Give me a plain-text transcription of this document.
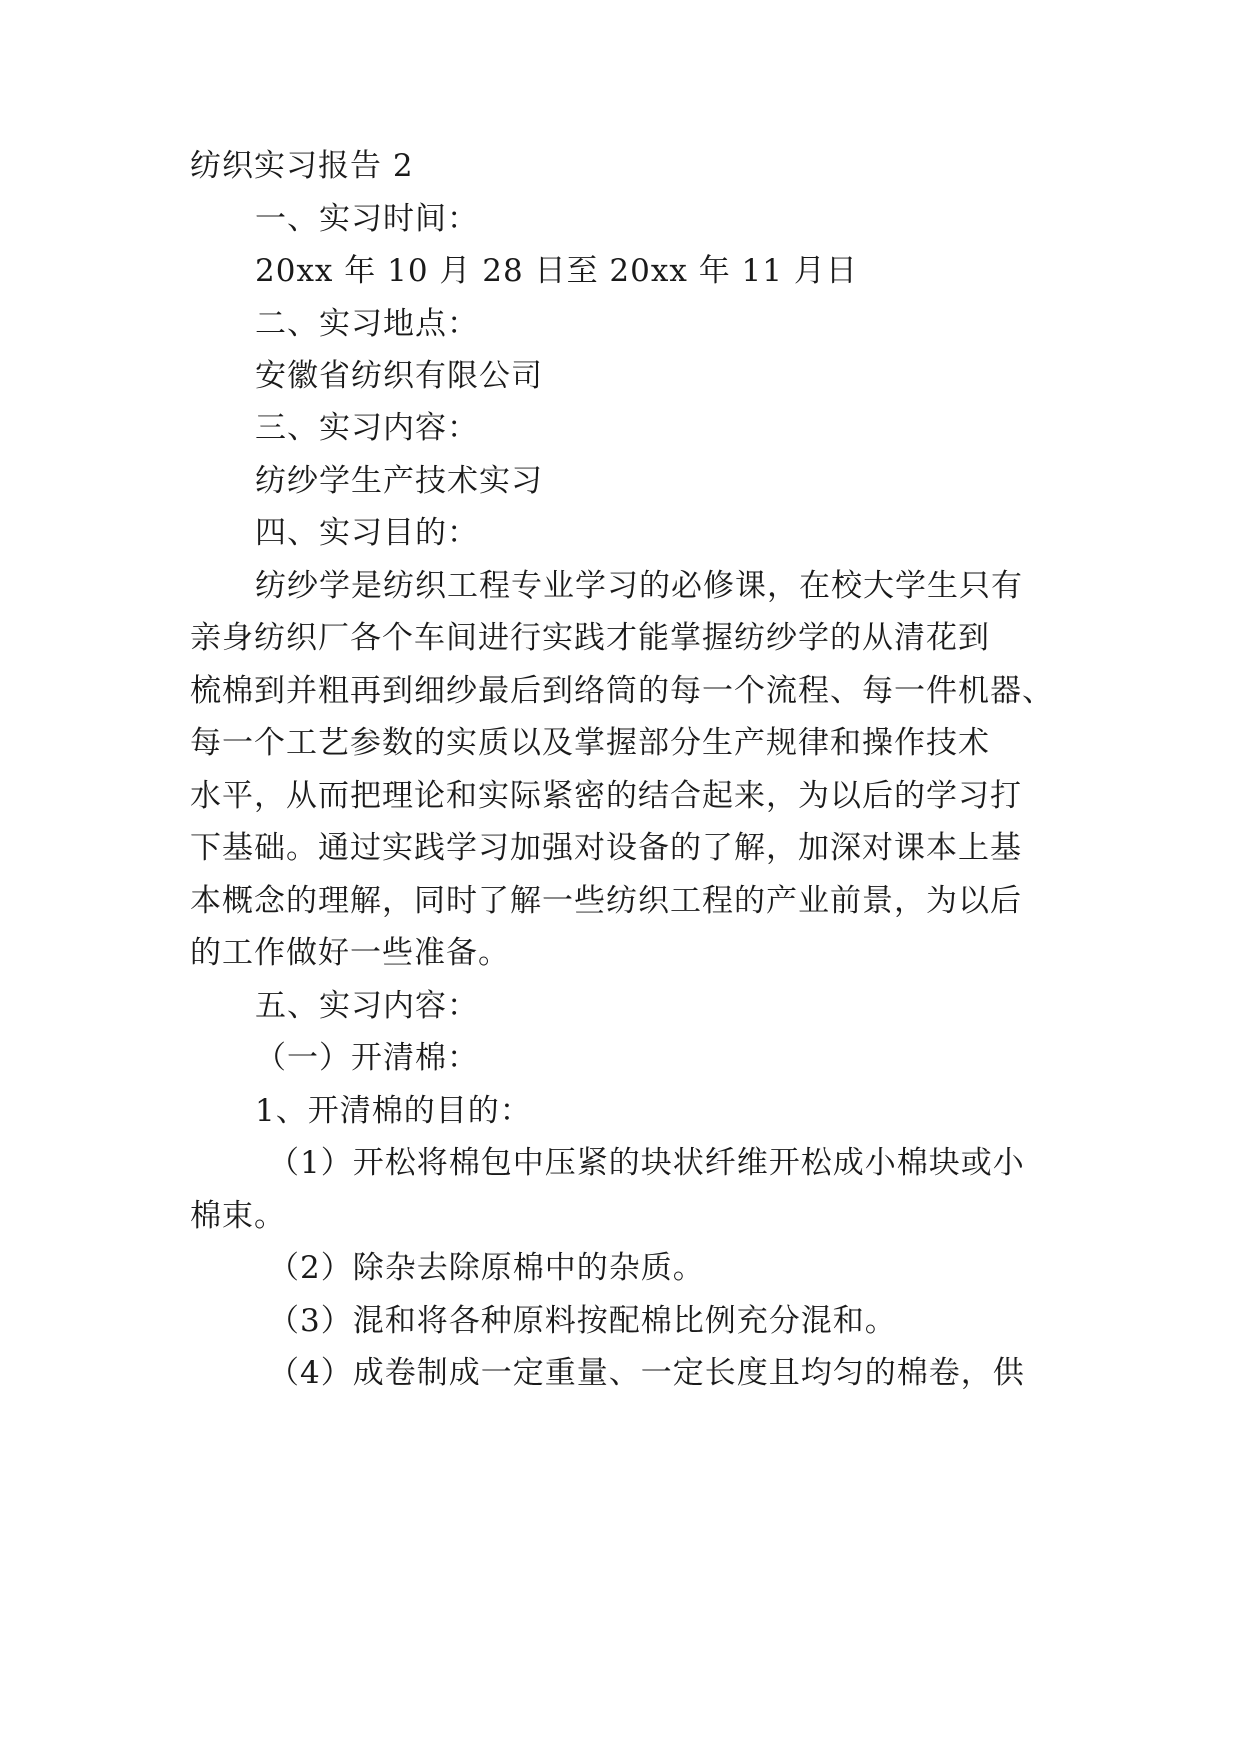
纺织实习报告 2
一、实习时间：
20xx 年 10 月 28 日至 20xx 年 11 月日
二、实习地点：
安徽省纺织有限公司
三、实习内容：
纺纱学生产技术实习
四、实习目的：
纺纱学是纺织工程专业学习的必修课，在校大学生只有
亲身纺织厂各个车间进行实践才能掌握纺纱学的从清花到
梳棉到并粗再到细纱最后到络筒的每一个流程、每一件机器、
每一个工艺参数的实质以及掌握部分生产规律和操作技术
水平，从而把理论和实际紧密的结合起来，为以后的学习打
下基础。通过实践学习加强对设备的了解，加深对课本上基
本概念的理解，同时了解一些纺织工程的产业前景，为以后
的工作做好一些准备。
五、实习内容：
（一）开清棉：
1、开清棉的目的：
（1）开松将棉包中压紧的块状纤维开松成小棉块或小
棉束。
（2）除杂去除原棉中的杂质。
（3）混和将各种原料按配棉比例充分混和。
（4）成卷制成一定重量、一定长度且均匀的棉卷，供
